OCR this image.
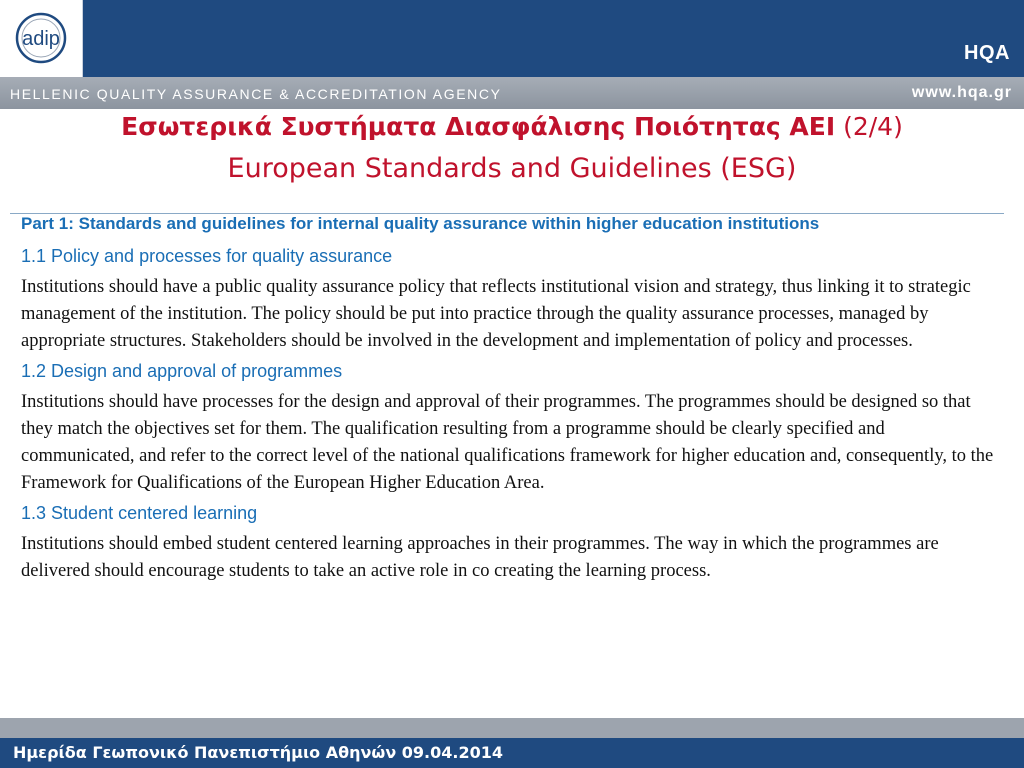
adip
HQA
HELLENIC QUALITY ASSURANCE & ACCREDITATION AGENCY	www.hqa.gr
Εσωτερικά Συστήματα Διασφάλισης Ποιότητας ΑΕΙ (2/4)
European Standards and Guidelines (ESG)

Part 1: Standards and guidelines for internal quality assurance within higher education institutions

1.1 Policy and processes for quality assurance

Institutions should have a public quality assurance policy that reflects institutional vision and strategy, thus linking it to strategic management of the institution. The policy should be put into practice through the quality assurance processes, managed by appropriate structures. Stakeholders should be involved in the development and implementation of policy and processes.

1.2 Design and approval of programmes

Institutions should have processes for the design and approval of their programmes. The programmes should be designed so that they match the objectives set for them. The qualification resulting from a programme should be clearly specified and communicated, and refer to the correct level of the national qualifications framework for higher education and, consequently, to the Framework for Qualifications of the European Higher Education Area.

1.3 Student centered learning

Institutions should embed student centered learning approaches in their programmes. The way in which the programmes are delivered should encourage students to take an active role in co creating the learning process.

Ημερίδα Γεωπονικό Πανεπιστήμιο Αθηνών 09.04.2014
